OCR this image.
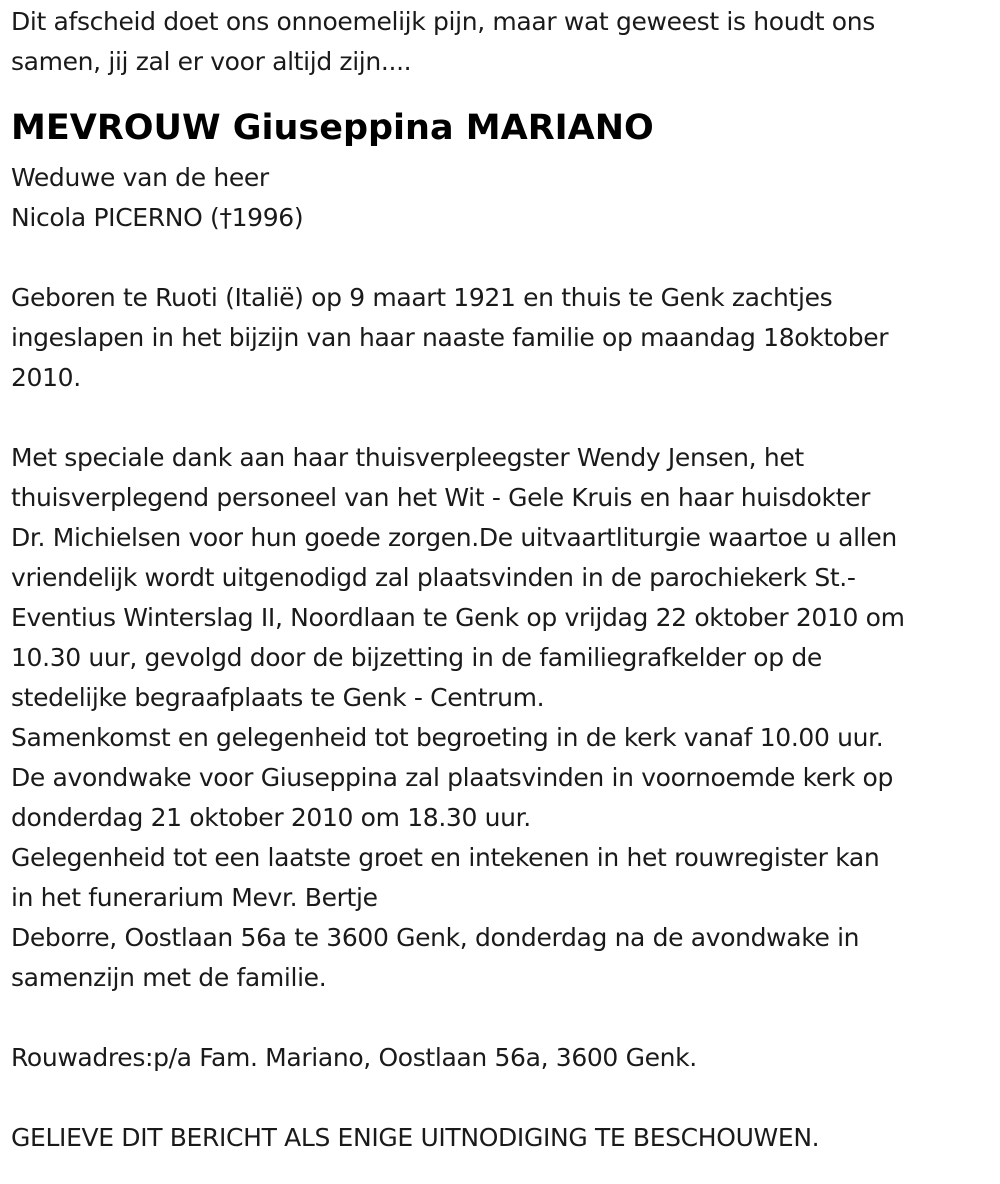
Dit afscheid doet ons onnoemelijk pijn, maar wat geweest is houdt ons

samen, jij zal er voor altijd zijn....

MEVROUW Giuseppina MARIANO

Weduwe van de heer

Nicola PICERNO (†1996)

Geboren te Ruoti (Italië) op 9 maart 1921 en thuis te Genk zachtjes

ingeslapen in het bijzijn van haar naaste familie op maandag 18oktober

2010.

Met speciale dank aan haar thuisverpleegster Wendy Jensen, het

thuisverplegend personeel van het Wit - Gele Kruis en haar huisdokter

Dr. Michielsen voor hun goede zorgen.De uitvaartliturgie waartoe u allen

vriendelijk wordt uitgenodigd zal plaatsvinden in de parochiekerk St.-

Eventius Winterslag II, Noordlaan te Genk op vrijdag 22 oktober 2010 om

10.30 uur, gevolgd door de bijzetting in de familiegrafkelder op de

stedelijke begraafplaats te Genk - Centrum.

Samenkomst en gelegenheid tot begroeting in de kerk vanaf 10.00 uur.

De avondwake voor Giuseppina zal plaatsvinden in voornoemde kerk op

donderdag 21 oktober 2010 om 18.30 uur.

Gelegenheid tot een laatste groet en intekenen in het rouwregister kan

in het funerarium Mevr. Bertje

Deborre, Oostlaan 56a te 3600 Genk, donderdag na de avondwake in

samenzijn met de familie.

Rouwadres:p/a Fam. Mariano, Oostlaan 56a, 3600 Genk.

GELIEVE DIT BERICHT ALS ENIGE UITNODIGING TE BESCHOUWEN.
